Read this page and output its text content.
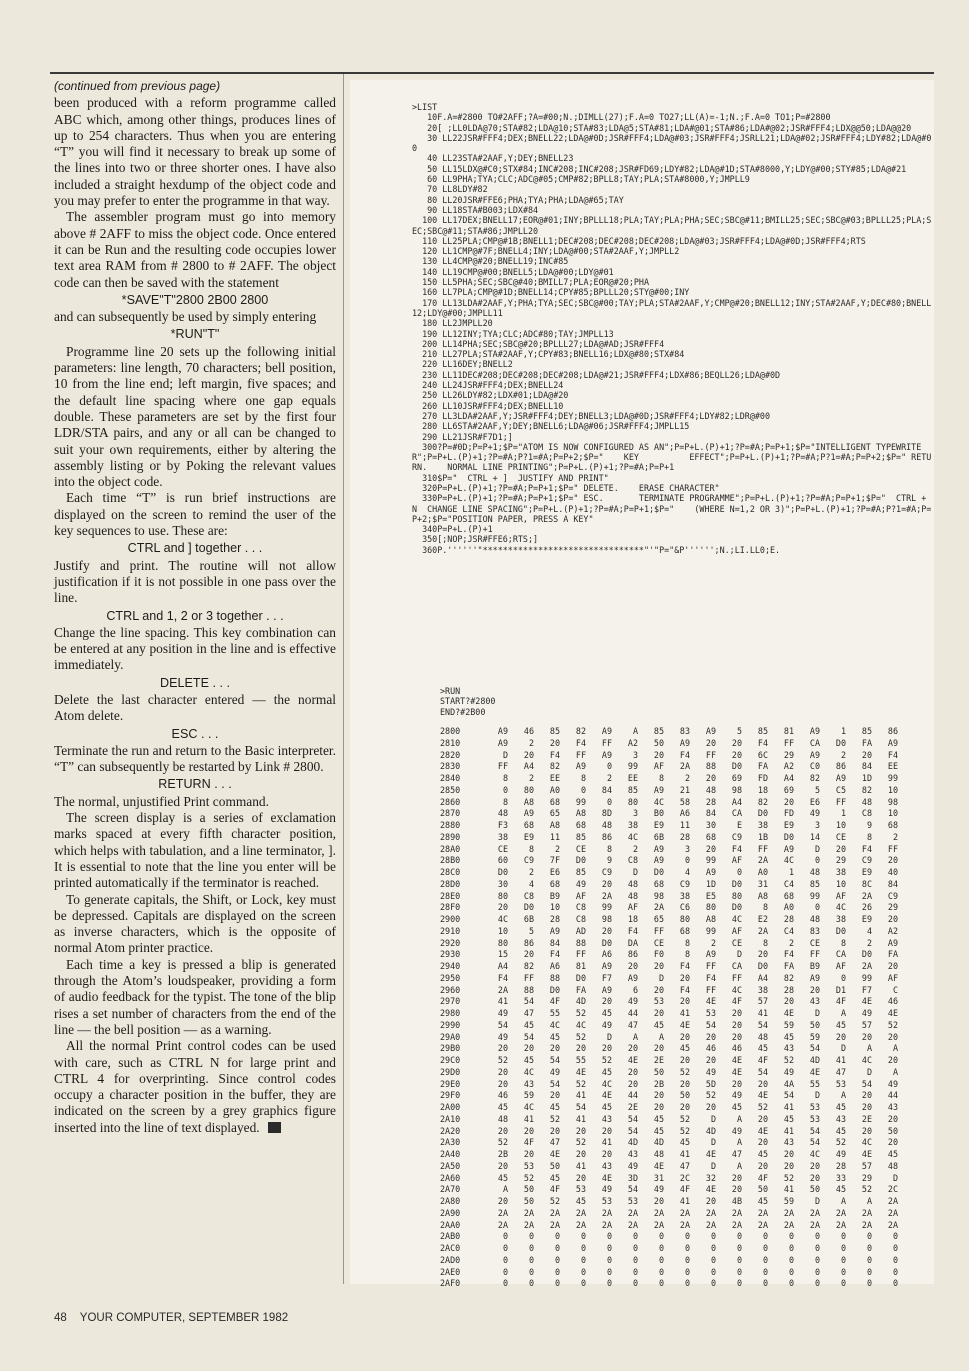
(continued from previous page)

been produced with a reform programme called ABC which, among other things, produces lines of up to 254 characters. Thus when you are entering “T” you will find it necessary to break up some of the lines into two or three shorter ones. I have also included a straight hexdump of the object code and you may prefer to enter the programme in that way.

The assembler program must go into memory above # 2AFF to miss the object code. Once entered it can be Run and the resulting code occupies lower text area RAM from # 2800 to # 2AFF. The object code can then be saved with the statement

*SAVE"T"2800 2B00 2800

and can subsequently be used by simply entering

*RUN"T"

Programme line 20 sets up the following initial parameters: line length, 70 characters; bell position, 10 from the line end; left margin, five spaces; and the default line spacing where one gap equals double. These parameters are set by the first four LDR/STA pairs, and any or all can be changed to suit your own requirements, either by altering the assembly listing or by Poking the relevant values into the object code.

Each time “T” is run brief instructions are displayed on the screen to remind the user of the key sequences to use. These are:

CTRL and ] together . . .

Justify and print. The routine will not allow justification if it is not possible in one pass over the line.

CTRL and 1, 2 or 3 together . . .

Change the line spacing. This key combination can be entered at any position in the line and is effective immediately.

DELETE . . .

Delete the last character entered — the normal Atom delete.

ESC . . .

Terminate the run and return to the Basic interpreter. “T” can subsequently be restarted by Link # 2800.

RETURN . . .

The normal, unjustified Print command.

The screen display is a series of exclamation marks spaced at every fifth character position, which helps with tabulation, and a line terminator, ]. It is essential to note that the line you enter will be printed automatically if the terminator is reached.

To generate capitals, the Shift, or Lock, key must be depressed. Capitals are displayed on the screen as inverse characters, which is the opposite of normal Atom printer practice.

Each time a key is pressed a blip is generated through the Atom’s loudspeaker, providing a form of audio feedback for the typist. The tone of the blip rises a set number of characters from the end of the line — the bell position — as a warning.

All the normal Print control codes can be used with care, such as CTRL N for large print and CTRL 4 for overprinting. Since control codes occupy a character position in the buffer, they are indicated on the screen by a grey graphics figure inserted into the line of text displayed.

>LIST
10F.A=#2800 TO#2AFF;?A=#00;N.;DIMLL(27);F.A=0 TO27;LL(A)=-1;N.;F.A=0 TO1;P=#2800
20[ ;LL0LDA@70;STA#82;LDA@10;STA#83;LDA@5;STA#81;LDA#@01;STA#86;LDA#@02;JSR#FFF4;LDX@@50;LDA@@20
30 LL22JSR#FFF4;DEX;BNELL22;LDA@#0D;JSR#FFF4;LDA@#03;JSR#FFF4;JSRLL21;LDA@#02;JSR#FFF4;LDY#82;LDA@#00
40 LL23STA#2AAF,Y;DEY;BNELL23
50 LL15LDX@#C0;STX#84;INC#208;INC#208;JSR#FD69;LDY#82;LDA@#1D;STA#8000,Y;LDY@#00;STY#85;LDA@#21
60 LL9PHA;TYA;CLC;ADC@#05;CMP#82;BPLL8;TAY;PLA;STA#8000,Y;JMPLL9
70 LL8LDY#82
80 LL20JSR#FFE6;PHA;TYA;PHA;LDA@#65;TAY
90 LL18STA#B003;LDX#84
100 LL17DEX;BNELL17;EOR@#01;INY;BPLLL18;PLA;TAY;PLA;PHA;SEC;SBC@#11;BMILL25;SEC;SBC@#03;BPLLL25;PLA;SEC;SBC@#11;STA#86;JMPLL20
110 LL25PLA;CMP@#1B;BNELL1;DEC#208;DEC#208;DEC#208;LDA@#03;JSR#FFF4;LDA@#0D;JSR#FFF4;RTS
120 LL1CMP@#7F;BNELL4;INY;LDA@#00;STA#2AAF,Y;JMPLL2
130 LL4CMP@#20;BNELL19;INC#85
140 LL19CMP@#00;BNELL5;LDA@#00;LDY@#01
150 LL5PHA;SEC;SBC@#40;BMILL7;PLA;EOR@#20;PHA
160 LL7PLA;CMP@#1D;BNELL14;CPY#85;BPLLL20;STY@#00;INY
170 LL13LDA#2AAF,Y;PHA;TYA;SEC;SBC@#00;TAY;PLA;STA#2AAF,Y;CMP@#20;BNELL12;INY;STA#2AAF,Y;DEC#80;BNELL12;LDY@#00;JMPLL11
180 LL2JMPLL20
190 LL12INY;TYA;CLC;ADC#80;TAY;JMPLL13
200 LL14PHA;SEC;SBC@#20;BPLLL27;LDA@#AD;JSR#FFF4
210 LL27PLA;STA#2AAF,Y;CPY#83;BNELL16;LDX@#80;STX#84
220 LL16DEY;BNELL2
230 LL11DEC#208;DEC#208;DEC#208;LDA@#21;JSR#FFF4;LDX#86;BEQLL26;LDA@#0D
240 LL24JSR#FFF4;DEX;BNELL24
250 LL26LDY#82;LDX#01;LDA@#20
260 LL10JSR#FFF4;DEX;BNELL10
270 LL3LDA#2AAF,Y;JSR#FFF4;DEY;BNELL3;LDA@#0D;JSR#FFF4;LDY#82;LDR@#00
280 LL6STA#2AAF,Y;DEY;BNELL6;LDA@#06;JSR#FFF4;JMPLL15
290 LL21JSR#F7D1;]
300?P=#0D;P=P+1;$P="ATOM IS NOW CONFIGURED AS AN";P=P+L.(P)+1;?P=#A;P=P+1;$P="INTELLIGENT TYPEWRITER";P=P+L.(P)+1;?P=#A;P?1=#A;P=P+2;$P="    KEY          EFFECT";P=P+L.(P)+1;?P=#A;P?1=#A;P=P+2;$P=" RETURN.    NORMAL LINE PRINTING";P=P+L.(P)+1;?P=#A;P=P+1
310$P="  CTRL + ]  JUSTIFY AND PRINT"
320P=P+L.(P)+1;?P=#A;P=P+1;$P=" DELETE.    ERASE CHARACTER"
330P=P+L.(P)+1;?P=#A;P=P+1;$P=" ESC.       TERMINATE PROGRAMME";P=P+L.(P)+1;?P=#A;P=P+1;$P="  CTRL + N  CHANGE LINE SPACING";P=P+L.(P)+1;?P=#A;P=P+1;$P="    (WHERE N=1,2 OR 3)";P=P+L.(P)+1;?P=#A;P?1=#A;P=P+2;$P="POSITION PAPER, PRESS A KEY"
340P=P+L.(P)+1
350[;NOP;JSR#FFE6;RTS;]
360P.''''''"********************************"'"P="&P'''''';N.;LI.LL0;E.
>RUN
START?#2800
END?#2B00
2800	A9	46	85	82	A9	A	85	83	A9	5	85	81	A9	1	85	86
2810	A9	2	20	F4	FF	A2	50	A9	20	20	F4	FF	CA	D0	FA	A9
2820	D	20	F4	FF	A9	3	20	F4	FF	20	6C	29	A9	2	20	F4
2830	FF	A4	82	A9	0	99	AF	2A	88	D0	FA	A2	C0	86	84	EE
2840	8	2	EE	8	2	EE	8	2	20	69	FD	A4	82	A9	1D	99
2850	0	80	A0	0	84	85	A9	21	48	98	18	69	5	C5	82	10
2860	8	A8	68	99	0	80	4C	58	28	A4	82	20	E6	FF	48	98
2870	48	A9	65	A8	8D	3	B0	A6	84	CA	D0	FD	49	1	C8	10
2880	F3	68	A8	68	48	38	E9	11	30	E	38	E9	3	10	9	68
2890	38	E9	11	85	86	4C	6B	28	68	C9	1B	D0	14	CE	8	2
28A0	CE	8	2	CE	8	2	A9	3	20	F4	FF	A9	D	20	F4	FF
28B0	60	C9	7F	D0	9	C8	A9	0	99	AF	2A	4C	0	29	C9	20
28C0	D0	2	E6	85	C9	D	D0	4	A9	0	A0	1	48	38	E9	40
28D0	30	4	68	49	20	48	68	C9	1D	D0	31	C4	85	10	8C	84
28E0	80	C8	B9	AF	2A	48	98	38	E5	80	A8	68	99	AF	2A	C9
28F0	20	D0	10	C8	99	AF	2A	C6	80	D0	8	A0	0	4C	26	29
2900	4C	6B	28	C8	98	18	65	80	A8	4C	E2	28	48	38	E9	20
2910	10	5	A9	AD	20	F4	FF	68	99	AF	2A	C4	83	D0	4	A2
2920	80	86	84	88	D0	DA	CE	8	2	CE	8	2	CE	8	2	A9
2930	15	20	F4	FF	A6	86	F0	8	A9	D	20	F4	FF	CA	D0	FA
2940	A4	82	A6	81	A9	20	20	F4	FF	CA	D0	FA	B9	AF	2A	20
2950	F4	FF	88	D0	F7	A9	D	20	F4	FF	A4	82	A9	0	99	AF
2960	2A	88	D0	FA	A9	6	20	F4	FF	4C	38	28	20	D1	F7	C
2970	41	54	4F	4D	20	49	53	20	4E	4F	57	20	43	4F	4E	46
2980	49	47	55	52	45	44	20	41	53	20	41	4E	D	A	49	4E
2990	54	45	4C	4C	49	47	45	4E	54	20	54	59	50	45	57	52
29A0	49	54	45	52	D	A	A	20	20	20	48	45	59	20	20	20
29B0	20	20	20	20	20	20	20	45	46	46	45	43	54	D	A	A
29C0	52	45	54	55	52	4E	2E	20	20	4E	4F	52	4D	41	4C	20
29D0	20	4C	49	4E	45	20	50	52	49	4E	54	49	4E	47	D	A
29E0	20	43	54	52	4C	20	2B	20	5D	20	20	4A	55	53	54	49
29F0	46	59	20	41	4E	44	20	50	52	49	4E	54	D	A	20	44
2A00	45	4C	45	54	45	2E	20	20	20	45	52	41	53	45	20	43
2A10	48	41	52	41	43	54	45	52	D	A	20	45	53	43	2E	20
2A20	20	20	20	20	20	54	45	52	4D	49	4E	41	54	45	20	50
2A30	52	4F	47	52	41	4D	4D	45	D	A	20	43	54	52	4C	20
2A40	2B	20	4E	20	20	43	48	41	4E	47	45	20	4C	49	4E	45
2A50	20	53	50	41	43	49	4E	47	D	A	20	20	20	28	57	48
2A60	45	52	45	20	4E	3D	31	2C	32	20	4F	52	20	33	29	D
2A70	A	50	4F	53	49	54	49	4F	4E	20	50	41	50	45	52	2C
2A80	20	50	52	45	53	53	20	41	20	4B	45	59	D	A	A	2A
2A90	2A	2A	2A	2A	2A	2A	2A	2A	2A	2A	2A	2A	2A	2A	2A	2A
2AA0	2A	2A	2A	2A	2A	2A	2A	2A	2A	2A	2A	2A	2A	2A	2A	2A
2AB0	0	0	0	0	0	0	0	0	0	0	0	0	0	0	0	0
2AC0	0	0	0	0	0	0	0	0	0	0	0	0	0	0	0	0
2AD0	0	0	0	0	0	0	0	0	0	0	0	0	0	0	0	0
2AE0	0	0	0	0	0	0	0	0	0	0	0	0	0	0	0	0
2AF0	0	0	0	0	0	0	0	0	0	0	0	0	0	0	0	0
48 YOUR COMPUTER, SEPTEMBER 1982
